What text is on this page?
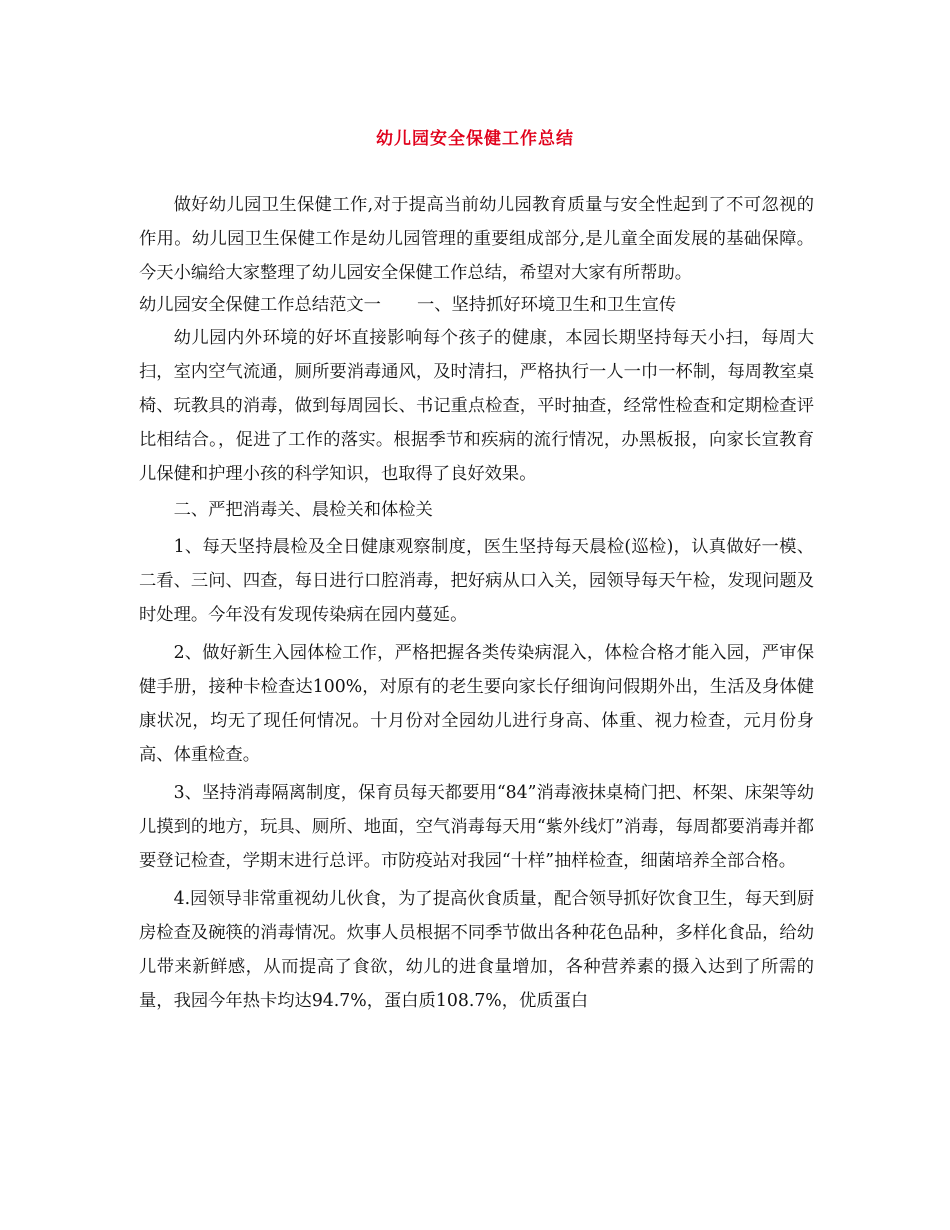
幼儿园安全保健工作总结

做好幼儿园卫生保健工作,对于提高当前幼儿园教育质量与安全性起到了不可忽视的作用。幼儿园卫生保健工作是幼儿园管理的重要组成部分,是儿童全面发展的基础保障。今天小编给大家整理了幼儿园安全保健工作总结，希望对大家有所帮助。

幼儿园安全保健工作总结范文一 一、坚持抓好环境卫生和卫生宣传

幼儿园内外环境的好坏直接影响每个孩子的健康，本园长期坚持每天小扫，每周大扫，室内空气流通，厕所要消毒通风，及时清扫，严格执行一人一巾一杯制，每周教室桌椅、玩教具的消毒，做到每周园长、书记重点检查，平时抽查，经常性检查和定期检查评比相结合。，促进了工作的落实。根据季节和疾病的流行情况，办黑板报，向家长宣教育儿保健和护理小孩的科学知识，也取得了良好效果。

二、严把消毒关、晨检关和体检关

1、每天坚持晨检及全日健康观察制度，医生坚持每天晨检(巡检)，认真做好一模、二看、三问、四查，每日进行口腔消毒，把好病从口入关，园领导每天午检，发现问题及时处理。今年没有发现传染病在园内蔓延。

2、做好新生入园体检工作，严格把握各类传染病混入，体检合格才能入园，严审保健手册，接种卡检查达100%，对原有的老生要向家长仔细询问假期外出，生活及身体健康状况，均无了现任何情况。十月份对全园幼儿进行身高、体重、视力检查，元月份身高、体重检查。

3、坚持消毒隔离制度，保育员每天都要用“84”消毒液抹桌椅门把、杯架、床架等幼儿摸到的地方，玩具、厕所、地面，空气消毒每天用“紫外线灯”消毒，每周都要消毒并都要登记检查，学期末进行总评。市防疫站对我园“十样”抽样检查，细菌培养全部合格。

4.园领导非常重视幼儿伙食，为了提高伙食质量，配合领导抓好饮食卫生，每天到厨房检查及碗筷的消毒情况。炊事人员根据不同季节做出各种花色品种，多样化食品，给幼儿带来新鲜感，从而提高了食欲，幼儿的进食量增加，各种营养素的摄入达到了所需的量，我园今年热卡均达94.7%，蛋白质108.7%，优质蛋白
